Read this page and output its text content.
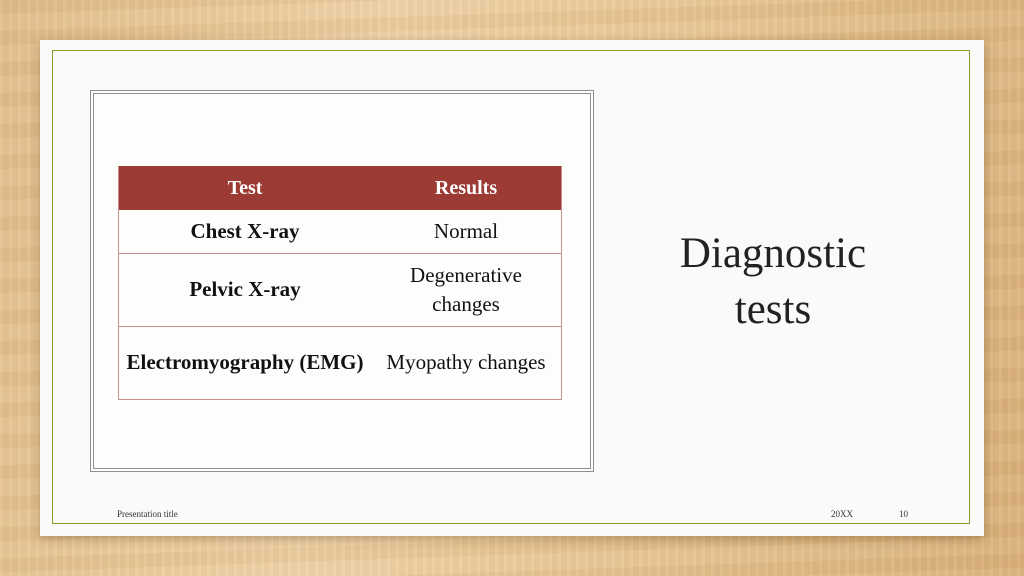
Test	Results
Chest X-ray	Normal
Pelvic X-ray	Degenerative changes
Electromyography (EMG)	Myopathy changes
Diagnostic tests
Presentation title	20XX	10
